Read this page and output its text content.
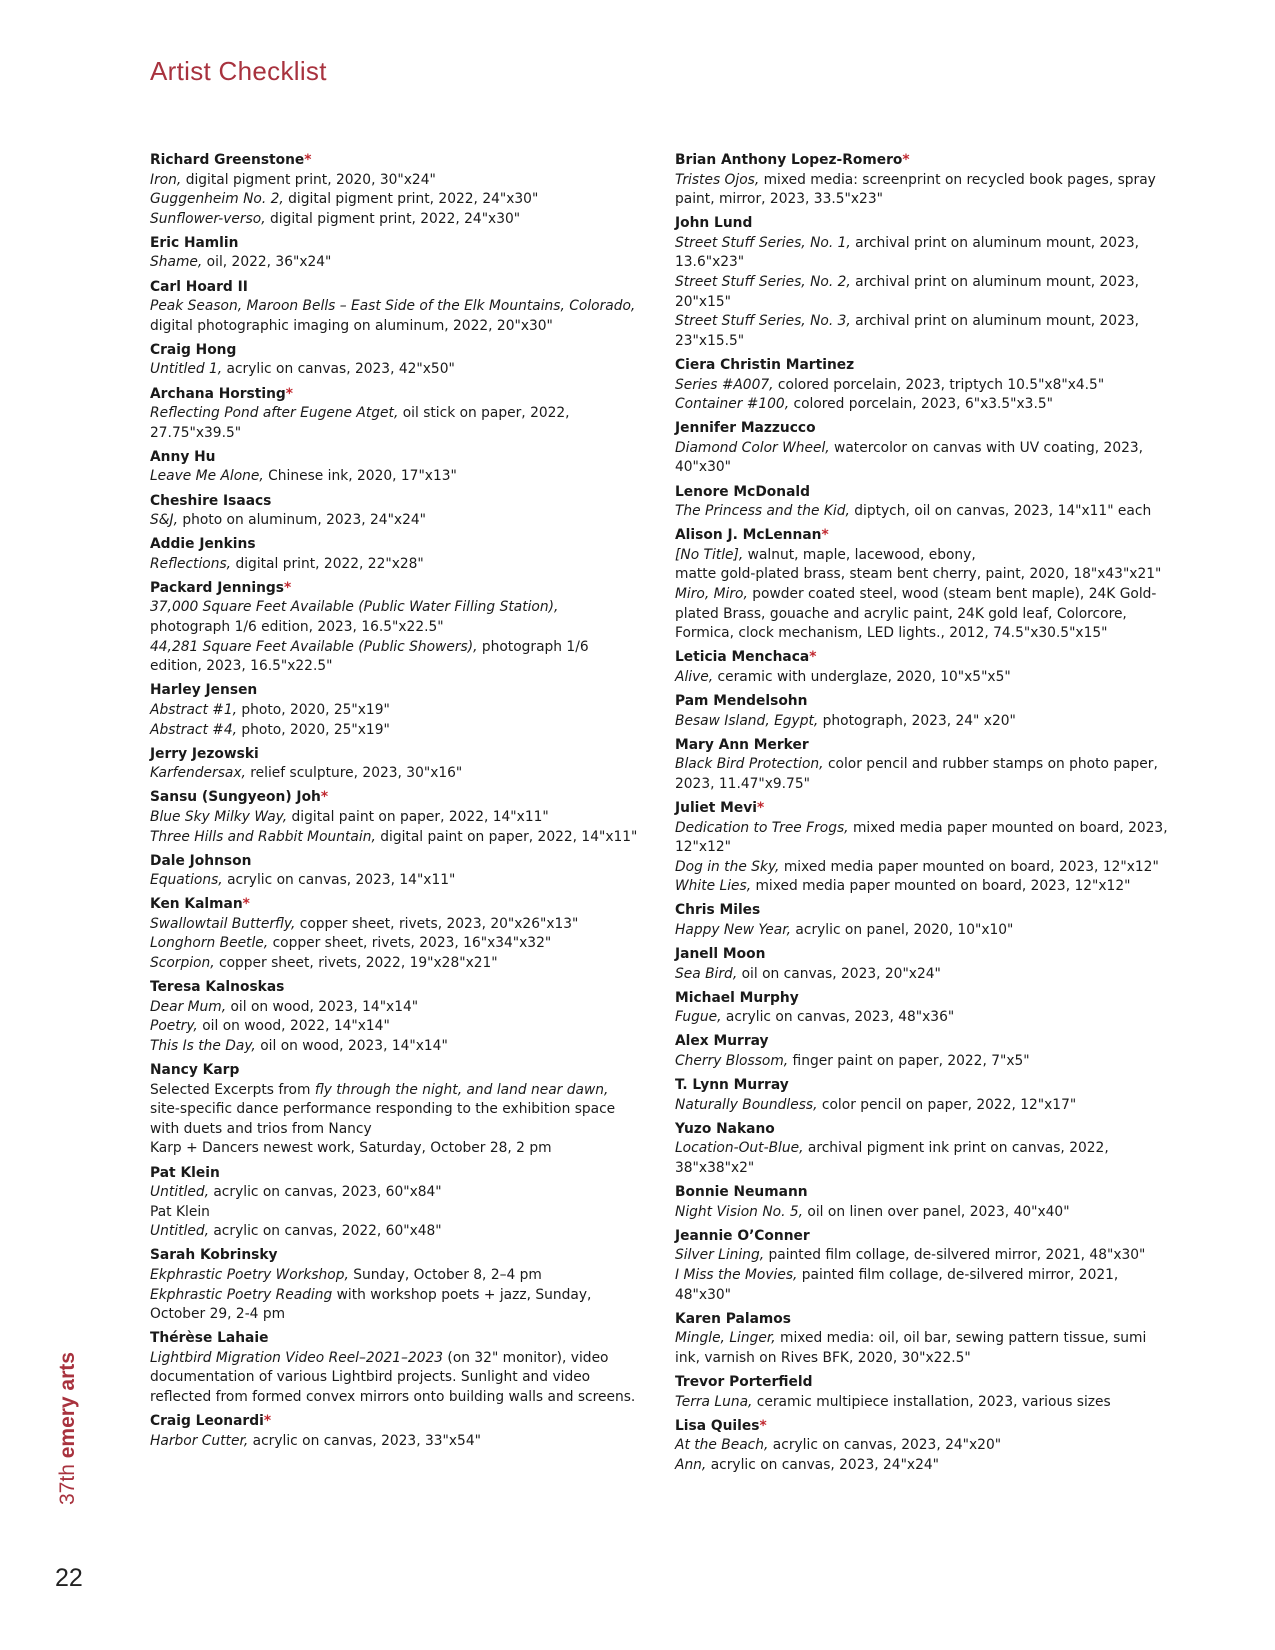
Artist Checklist
Richard Greenstone*

Iron, digital pigment print, 2020, 30"x24"

Guggenheim No. 2, digital pigment print, 2022, 24"x30"

Sunflower-verso, digital pigment print, 2022, 24"x30"

Eric Hamlin

Shame, oil, 2022, 36"x24"

Carl Hoard II

Peak Season, Maroon Bells – East Side of the Elk Mountains, Colorado, digital photographic imaging on aluminum, 2022, 20"x30"

Craig Hong

Untitled 1, acrylic on canvas, 2023, 42"x50"

Archana Horsting*

Reflecting Pond after Eugene Atget, oil stick on paper, 2022, 27.75"x39.5"

Anny Hu

Leave Me Alone, Chinese ink, 2020, 17"x13"

Cheshire Isaacs

S&J, photo on aluminum, 2023, 24"x24"

Addie Jenkins

Reflections, digital print, 2022, 22"x28"

Packard Jennings*

37,000 Square Feet Available (Public Water Filling Station), photograph 1/6 edition, 2023, 16.5"x22.5"

44,281 Square Feet Available (Public Showers), photograph 1/6 edition, 2023, 16.5"x22.5"

Harley Jensen

Abstract #1, photo, 2020, 25"x19"

Abstract #4, photo, 2020, 25"x19"

Jerry Jezowski

Karfendersax, relief sculpture, 2023, 30"x16"

Sansu (Sungyeon) Joh*

Blue Sky Milky Way, digital paint on paper, 2022, 14"x11"

Three Hills and Rabbit Mountain, digital paint on paper, 2022, 14"x11"

Dale Johnson

Equations, acrylic on canvas, 2023, 14"x11"

Ken Kalman*

Swallowtail Butterfly, copper sheet, rivets, 2023, 20"x26"x13"

Longhorn Beetle, copper sheet, rivets, 2023, 16"x34"x32"

Scorpion, copper sheet, rivets, 2022, 19"x28"x21"

Teresa Kalnoskas

Dear Mum, oil on wood, 2023, 14"x14"

Poetry, oil on wood, 2022, 14"x14"

This Is the Day, oil on wood, 2023, 14"x14"

Nancy Karp

Selected Excerpts from fly through the night, and land near dawn, site-specific dance performance responding to the exhibition space with duets and trios from Nancy

Karp + Dancers newest work, Saturday, October 28, 2 pm

Pat Klein

Untitled, acrylic on canvas, 2023, 60"x84"

Pat Klein

Untitled, acrylic on canvas, 2022, 60"x48"

Sarah Kobrinsky

Ekphrastic Poetry Workshop, Sunday, October 8, 2–4 pm

Ekphrastic Poetry Reading with workshop poets + jazz, Sunday, October 29, 2-4 pm

Thérèse Lahaie

Lightbird Migration Video Reel–2021–2023 (on 32" monitor), video documentation of various Lightbird projects. Sunlight and video reflected from formed convex mirrors onto building walls and screens.

Craig Leonardi*

Harbor Cutter, acrylic on canvas, 2023, 33"x54"

Brian Anthony Lopez-Romero*

Tristes Ojos, mixed media: screenprint on recycled book pages, spray paint, mirror, 2023, 33.5"x23"

John Lund

Street Stuff Series, No. 1, archival print on aluminum mount, 2023, 13.6"x23"

Street Stuff Series, No. 2, archival print on aluminum mount, 2023, 20"x15"

Street Stuff Series, No. 3, archival print on aluminum mount, 2023, 23"x15.5"

Ciera Christin Martinez

Series #A007, colored porcelain, 2023, triptych 10.5"x8"x4.5"

Container #100, colored porcelain, 2023, 6"x3.5"x3.5"

Jennifer Mazzucco

Diamond Color Wheel, watercolor on canvas with UV coating, 2023, 40"x30"

Lenore McDonald

The Princess and the Kid, diptych, oil on canvas, 2023, 14"x11" each

Alison J. McLennan*

[No Title], walnut, maple, lacewood, ebony,

matte gold-plated brass, steam bent cherry, paint, 2020, 18"x43"x21"

Miro, Miro, powder coated steel, wood (steam bent maple), 24K Gold-plated Brass, gouache and acrylic paint, 24K gold leaf, Colorcore, Formica, clock mechanism, LED lights., 2012, 74.5"x30.5"x15"

Leticia Menchaca*

Alive, ceramic with underglaze, 2020, 10"x5"x5"

Pam Mendelsohn

Besaw Island, Egypt, photograph, 2023, 24" x20"

Mary Ann Merker

Black Bird Protection, color pencil and rubber stamps on photo paper, 2023, 11.47"x9.75"

Juliet Mevi*

Dedication to Tree Frogs, mixed media paper mounted on board, 2023, 12"x12"

Dog in the Sky, mixed media paper mounted on board, 2023, 12"x12"

White Lies, mixed media paper mounted on board, 2023, 12"x12"

Chris Miles

Happy New Year, acrylic on panel, 2020, 10"x10"

Janell Moon

Sea Bird, oil on canvas, 2023, 20"x24"

Michael Murphy

Fugue, acrylic on canvas, 2023, 48"x36"

Alex Murray

Cherry Blossom, finger paint on paper, 2022, 7"x5"

T. Lynn Murray

Naturally Boundless, color pencil on paper, 2022, 12"x17"

Yuzo Nakano

Location-Out-Blue, archival pigment ink print on canvas, 2022, 38"x38"x2"

Bonnie Neumann

Night Vision No. 5, oil on linen over panel, 2023, 40"x40"

Jeannie O’Conner

Silver Lining, painted film collage, de-silvered mirror, 2021, 48"x30"

I Miss the Movies, painted film collage, de-silvered mirror, 2021, 48"x30"

Karen Palamos

Mingle, Linger, mixed media: oil, oil bar, sewing pattern tissue, sumi ink, varnish on Rives BFK, 2020, 30"x22.5"

Trevor Porterfield

Terra Luna, ceramic multipiece installation, 2023, various sizes

Lisa Quiles*

At the Beach, acrylic on canvas, 2023, 24"x20"

Ann, acrylic on canvas, 2023, 24"x24"

37th emery arts
22
